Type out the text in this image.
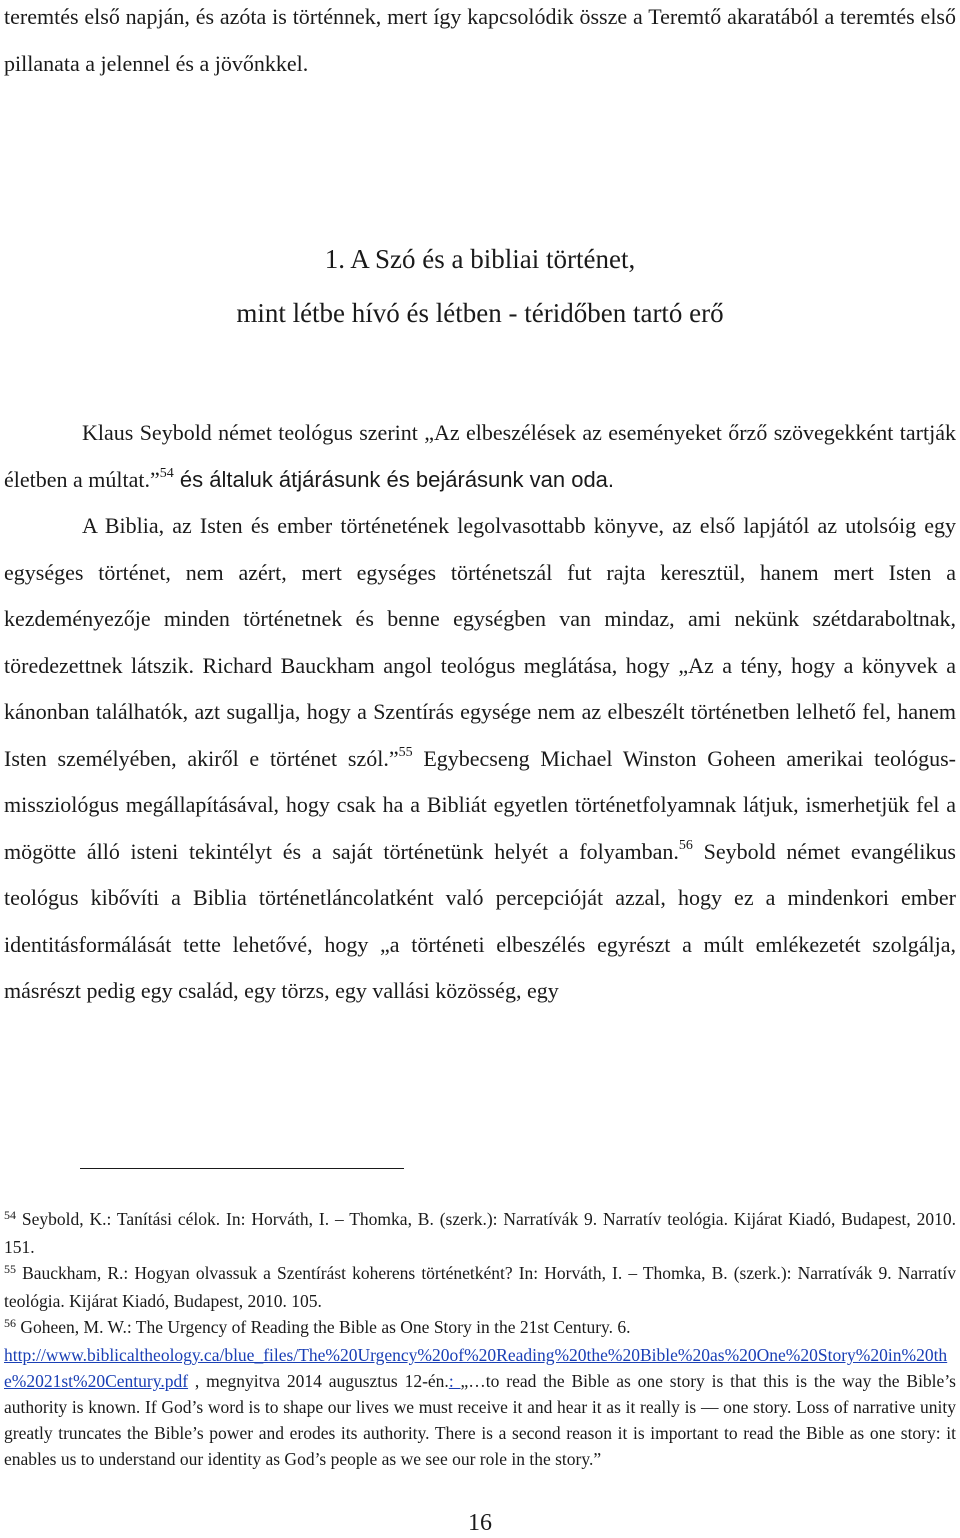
teremtés első napján, és azóta is történnek, mert így kapcsolódik össze a Teremtő akaratából a teremtés első pillanata a jelennel és a jövőnkkel.

1. A Szó és a bibliai történet,
mint létbe hívó és létben - téridőben tartó erő

Klaus Seybold német teológus szerint „Az elbeszélések az eseményeket őrző szövegekként tartják életben a múltat.”$^{54}$ és általuk átjárásunk és bejárásunk van oda.

A Biblia, az Isten és ember történetének legolvasottabb könyve, az első lapjától az utolsóig egy egységes történet, nem azért, mert egységes történetszál fut rajta keresztül, hanem mert Isten a kezdeményezője minden történetnek és benne egységben van mindaz, ami nekünk szétdaraboltnak, töredezettnek látszik. Richard Bauckham angol teológus meglátása, hogy „Az a tény, hogy a könyvek a kánonban találhatók, azt sugallja, hogy a Szentírás egysége nem az elbeszélt történetben lelhető fel, hanem Isten személyében, akiről e történet szól.”$^{55}$ Egybecseng Michael Winston Goheen amerikai teológus-missziológus megállapításával, hogy csak ha a Bibliát egyetlen történetfolyamnak látjuk, ismerhetjük fel a mögötte álló isteni tekintélyt és a saját történetünk helyét a folyamban.$^{56}$ Seybold német evangélikus teológus kibővíti a Biblia történetláncolatként való percepcióját azzal, hogy ez a mindenkori ember identitásformálását tette lehetővé, hogy „a történeti elbeszélés egyrészt a múlt emlékezetét szolgálja, másrészt pedig egy család, egy törzs, egy vallási közösség, egy

$^{54}$ Seybold, K.: Tanítási célok. In: Horváth, I. – Thomka, B. (szerk.): Narratívák 9. Narratív teológia. Kijárat Kiadó, Budapest, 2010. 151.

$^{55}$ Bauckham, R.: Hogyan olvassuk a Szentírást koherens történetként? In: Horváth, I. – Thomka, B. (szerk.): Narratívák 9. Narratív teológia. Kijárat Kiadó, Budapest, 2010. 105.

$^{56}$ Goheen, M. W.: The Urgency of Reading the Bible as One Story in the 21st Century. 6.
http://www.biblicaltheology.ca/blue_files/The%20Urgency%20of%20Reading%20the%20Bible%20as%20One%20Story%20in%20the%2021st%20Century.pdf , megnyitva 2014 augusztus 12-én.: „…to read the Bible as one story is that this is the way the Bible’s authority is known. If God’s word is to shape our lives we must receive it and hear it as it really is — one story. Loss of narrative unity greatly truncates the Bible’s power and erodes its authority. There is a second reason it is important to read the Bible as one story: it enables us to understand our identity as God’s people as we see our role in the story.”

16
